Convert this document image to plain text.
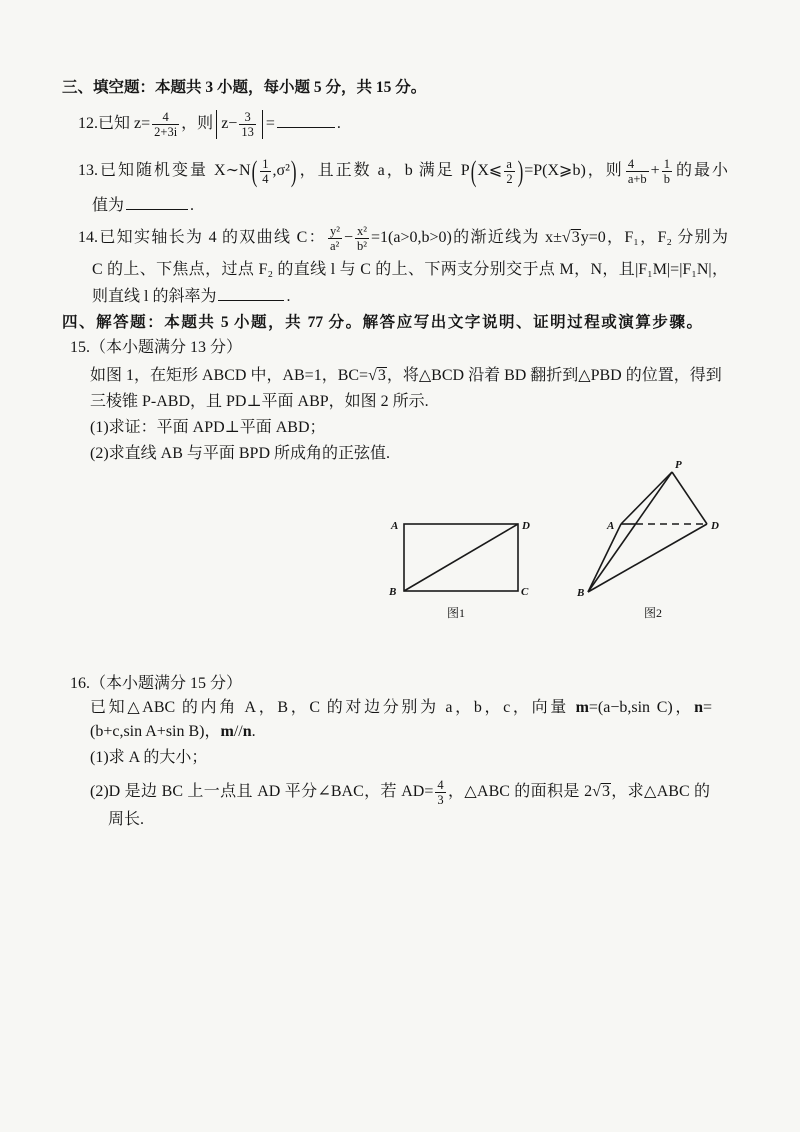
三、填空题：本题共 3 小题，每小题 5 分，共 15 分。
12.已知 $z= \frac{4}{2+3i}$ ，则 $z- \frac{3}{13}$ =	.
13.已知随机变量 X∼N( $\frac{1}{4} ,\sigma^2$)，且正数 a，b 满足 P(X⩽ $\frac{a}{2}$ )=P(X⩾b)，则 $\frac{4}{a+b} + \frac{1}{b}$ 的最小
值为	.
14.已知实轴长为 4 的双曲线 C： $\frac{\text{y²}}{\text{a²}} - \frac{\text{x²}}{\text{b²}} =1(a>0,b>0)$的渐近线为 x±√3y=0，F₁，F₂ 分别为
C 的上、下焦点，过点 F₂ 的直线 l 与 C 的上、下两支分别交于点 M，N，且|F₁M|=|F₁N|，
则直线 l 的斜率为	.
四、解答题：本题共 5 小题，共 77 分。解答应写出文字说明、证明过程或演算步骤。
15.（本小题满分 13 分）
如图 1，在矩形 ABCD 中，AB=1，BC=√3，将△BCD 沿着 BD 翻折到△PBD 的位置，得到
三棱锥 P-ABD，且 PD⊥平面 ABP，如图 2 所示.
(1)求证：平面 APD⊥平面 ABD；
(2)求直线 AB 与平面 BPD 所成角的正弦值.
A	D
B	C
图1
P
A	D
B
图2
16.（本小题满分 15 分）
已知△ABC 的内角 A，B，C 的对边分别为 a，b，c，向量 m=(a−b,sin C)，n=
(b+c,sin A+sin B)，m//n.
(1)求 A 的大小；
(2)D 是边 BC 上一点且 AD 平分∠BAC，若 $AD= \frac{4}{3}$ ，△ABC 的面积是 2√3，求△ABC 的
周长.
